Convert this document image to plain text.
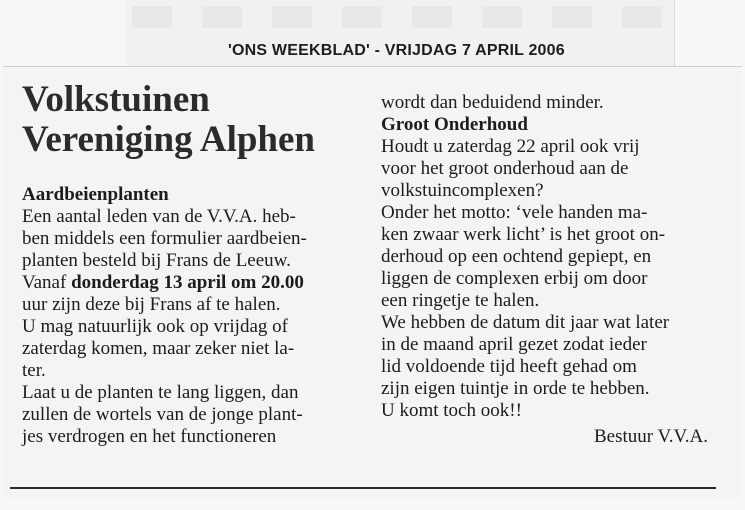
'ONS WEEKBLAD' - VRIJDAG 7 APRIL 2006
Volkstuinen
Vereniging Alphen
Aardbeienplanten
Een aantal leden van de V.V.A. heb-
ben middels een formulier aardbeien-
planten besteld bij Frans de Leeuw.
Vanaf donderdag 13 april om 20.00
uur zijn deze bij Frans af te halen.
U mag natuurlijk ook op vrijdag of
zaterdag komen, maar zeker niet la-
ter.
Laat u de planten te lang liggen, dan
zullen de wortels van de jonge plant-
jes verdrogen en het functioneren
wordt dan beduidend minder.
Groot Onderhoud
Houdt u zaterdag 22 april ook vrij
voor het groot onderhoud aan de
volkstuincomplexen?
Onder het motto: ‘vele handen ma-
ken zwaar werk licht’ is het groot on-
derhoud op een ochtend gepiept, en
liggen de complexen erbij om door
een ringetje te halen.
We hebben de datum dit jaar wat later
in de maand april gezet zodat ieder
lid voldoende tijd heeft gehad om
zijn eigen tuintje in orde te hebben.
U komt toch ook!!
Bestuur V.V.A.
